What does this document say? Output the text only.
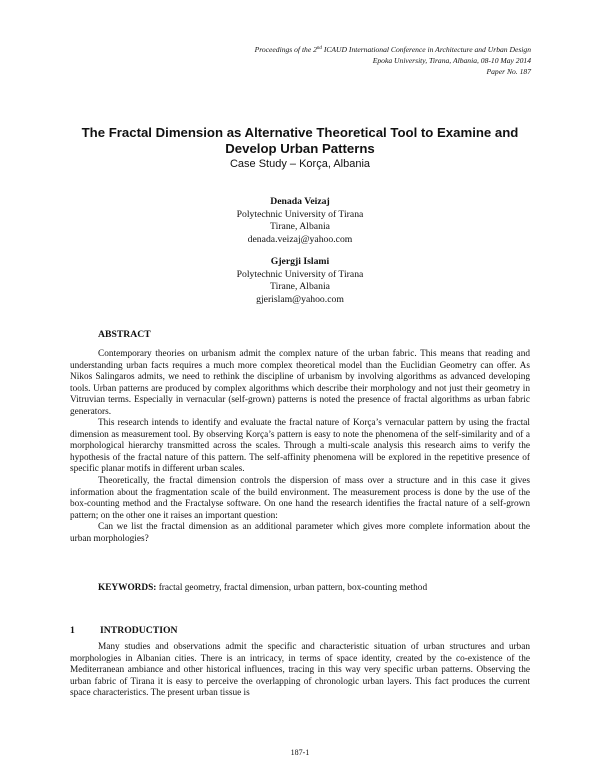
Proceedings of the 2nd ICAUD International Conference in Architecture and Urban Design

Epoka University, Tirana, Albania, 08-10 May 2014

Paper No. 187

The Fractal Dimension as Alternative Theoretical Tool to Examine and Develop Urban Patterns

Case Study – Korça, Albania

Denada Veizaj

Polytechnic University of Tirana

Tirane, Albania

denada.veizaj@yahoo.com

Gjergji Islami

Polytechnic University of Tirana

Tirane, Albania

gjerislam@yahoo.com

ABSTRACT

Contemporary theories on urbanism admit the complex nature of the urban fabric. This means that reading and understanding urban facts requires a much more complex theoretical model than the Euclidian Geometry can offer. As Nikos Salingaros admits, we need to rethink the discipline of urbanism by involving algorithms as advanced developing tools. Urban patterns are produced by complex algorithms which describe their morphology and not just their geometry in Vitruvian terms. Especially in vernacular (self-grown) patterns is noted the presence of fractal algorithms as urban fabric generators.

This research intends to identify and evaluate the fractal nature of Korça’s vernacular pattern by using the fractal dimension as measurement tool. By observing Korça’s pattern is easy to note the phenomena of the self-similarity and of a morphological hierarchy transmitted across the scales. Through a multi-scale analysis this research aims to verify the hypothesis of the fractal nature of this pattern. The self-affinity phenomena will be explored in the repetitive presence of specific planar motifs in different urban scales.

Theoretically, the fractal dimension controls the dispersion of mass over a structure and in this case it gives information about the fragmentation scale of the build environment. The measurement process is done by the use of the box-counting method and the Fractalyse software. On one hand the research identifies the fractal nature of a self-grown pattern; on the other one it raises an important question:

Can we list the fractal dimension as an additional parameter which gives more complete information about the urban morphologies?

KEYWORDS: fractal geometry, fractal dimension, urban pattern, box-counting method

1	INTRODUCTION

Many studies and observations admit the specific and characteristic situation of urban structures and urban morphologies in Albanian cities. There is an intricacy, in terms of space identity, created by the co-existence of the Mediterranean ambiance and other historical influences, tracing in this way very specific urban patterns. Observing the urban fabric of Tirana it is easy to perceive the overlapping of chronologic urban layers. This fact produces the current space characteristics. The present urban tissue is

187-1
